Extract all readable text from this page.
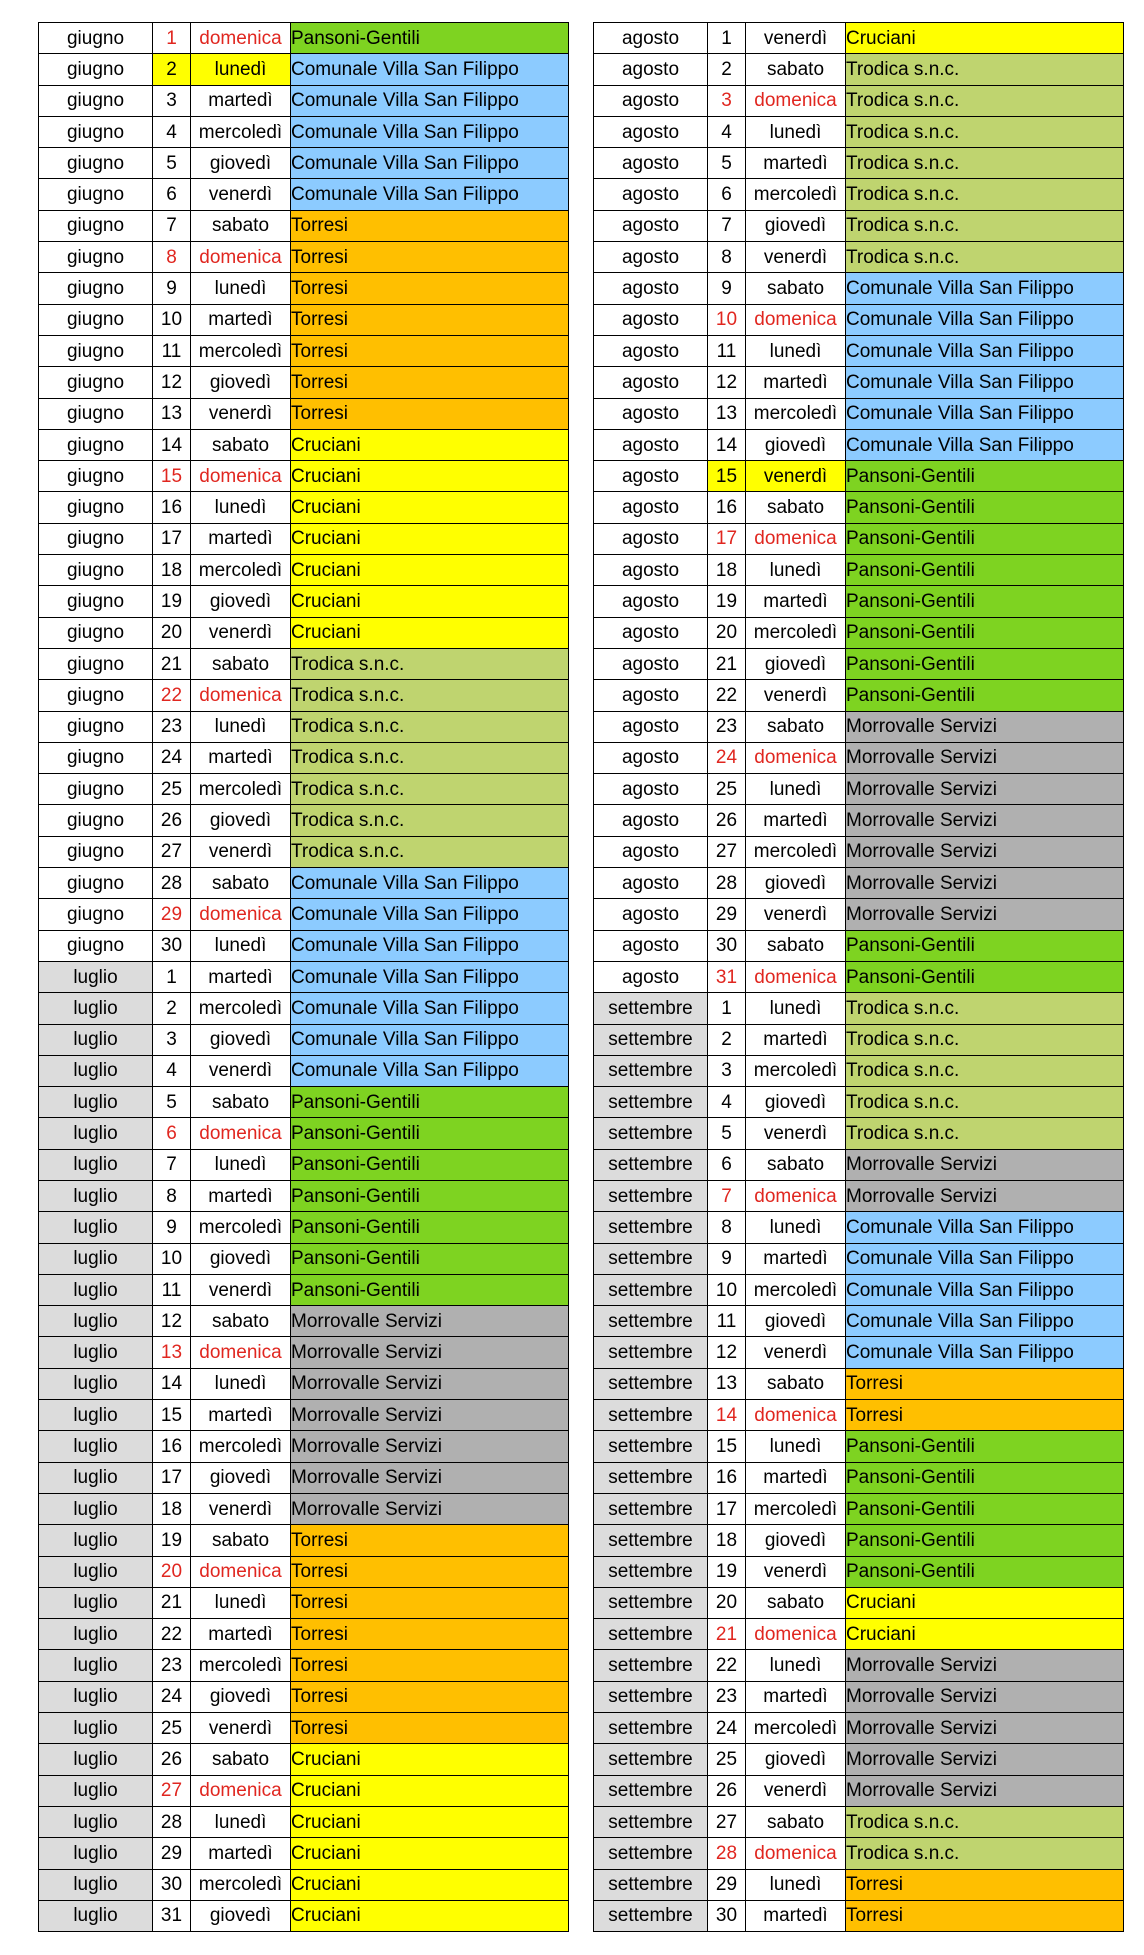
giugno	1	domenica	Pansoni-Gentili
giugno	2	lunedì	Comunale Villa San Filippo
giugno	3	martedì	Comunale Villa San Filippo
giugno	4	mercoledì	Comunale Villa San Filippo
giugno	5	giovedì	Comunale Villa San Filippo
giugno	6	venerdì	Comunale Villa San Filippo
giugno	7	sabato	Torresi
giugno	8	domenica	Torresi
giugno	9	lunedì	Torresi
giugno	10	martedì	Torresi
giugno	11	mercoledì	Torresi
giugno	12	giovedì	Torresi
giugno	13	venerdì	Torresi
giugno	14	sabato	Cruciani
giugno	15	domenica	Cruciani
giugno	16	lunedì	Cruciani
giugno	17	martedì	Cruciani
giugno	18	mercoledì	Cruciani
giugno	19	giovedì	Cruciani
giugno	20	venerdì	Cruciani
giugno	21	sabato	Trodica s.n.c.
giugno	22	domenica	Trodica s.n.c.
giugno	23	lunedì	Trodica s.n.c.
giugno	24	martedì	Trodica s.n.c.
giugno	25	mercoledì	Trodica s.n.c.
giugno	26	giovedì	Trodica s.n.c.
giugno	27	venerdì	Trodica s.n.c.
giugno	28	sabato	Comunale Villa San Filippo
giugno	29	domenica	Comunale Villa San Filippo
giugno	30	lunedì	Comunale Villa San Filippo
luglio	1	martedì	Comunale Villa San Filippo
luglio	2	mercoledì	Comunale Villa San Filippo
luglio	3	giovedì	Comunale Villa San Filippo
luglio	4	venerdì	Comunale Villa San Filippo
luglio	5	sabato	Pansoni-Gentili
luglio	6	domenica	Pansoni-Gentili
luglio	7	lunedì	Pansoni-Gentili
luglio	8	martedì	Pansoni-Gentili
luglio	9	mercoledì	Pansoni-Gentili
luglio	10	giovedì	Pansoni-Gentili
luglio	11	venerdì	Pansoni-Gentili
luglio	12	sabato	Morrovalle Servizi
luglio	13	domenica	Morrovalle Servizi
luglio	14	lunedì	Morrovalle Servizi
luglio	15	martedì	Morrovalle Servizi
luglio	16	mercoledì	Morrovalle Servizi
luglio	17	giovedì	Morrovalle Servizi
luglio	18	venerdì	Morrovalle Servizi
luglio	19	sabato	Torresi
luglio	20	domenica	Torresi
luglio	21	lunedì	Torresi
luglio	22	martedì	Torresi
luglio	23	mercoledì	Torresi
luglio	24	giovedì	Torresi
luglio	25	venerdì	Torresi
luglio	26	sabato	Cruciani
luglio	27	domenica	Cruciani
luglio	28	lunedì	Cruciani
luglio	29	martedì	Cruciani
luglio	30	mercoledì	Cruciani
luglio	31	giovedì	Cruciani
agosto	1	venerdì	Cruciani
agosto	2	sabato	Trodica s.n.c.
agosto	3	domenica	Trodica s.n.c.
agosto	4	lunedì	Trodica s.n.c.
agosto	5	martedì	Trodica s.n.c.
agosto	6	mercoledì	Trodica s.n.c.
agosto	7	giovedì	Trodica s.n.c.
agosto	8	venerdì	Trodica s.n.c.
agosto	9	sabato	Comunale Villa San Filippo
agosto	10	domenica	Comunale Villa San Filippo
agosto	11	lunedì	Comunale Villa San Filippo
agosto	12	martedì	Comunale Villa San Filippo
agosto	13	mercoledì	Comunale Villa San Filippo
agosto	14	giovedì	Comunale Villa San Filippo
agosto	15	venerdì	Pansoni-Gentili
agosto	16	sabato	Pansoni-Gentili
agosto	17	domenica	Pansoni-Gentili
agosto	18	lunedì	Pansoni-Gentili
agosto	19	martedì	Pansoni-Gentili
agosto	20	mercoledì	Pansoni-Gentili
agosto	21	giovedì	Pansoni-Gentili
agosto	22	venerdì	Pansoni-Gentili
agosto	23	sabato	Morrovalle Servizi
agosto	24	domenica	Morrovalle Servizi
agosto	25	lunedì	Morrovalle Servizi
agosto	26	martedì	Morrovalle Servizi
agosto	27	mercoledì	Morrovalle Servizi
agosto	28	giovedì	Morrovalle Servizi
agosto	29	venerdì	Morrovalle Servizi
agosto	30	sabato	Pansoni-Gentili
agosto	31	domenica	Pansoni-Gentili
settembre	1	lunedì	Trodica s.n.c.
settembre	2	martedì	Trodica s.n.c.
settembre	3	mercoledì	Trodica s.n.c.
settembre	4	giovedì	Trodica s.n.c.
settembre	5	venerdì	Trodica s.n.c.
settembre	6	sabato	Morrovalle Servizi
settembre	7	domenica	Morrovalle Servizi
settembre	8	lunedì	Comunale Villa San Filippo
settembre	9	martedì	Comunale Villa San Filippo
settembre	10	mercoledì	Comunale Villa San Filippo
settembre	11	giovedì	Comunale Villa San Filippo
settembre	12	venerdì	Comunale Villa San Filippo
settembre	13	sabato	Torresi
settembre	14	domenica	Torresi
settembre	15	lunedì	Pansoni-Gentili
settembre	16	martedì	Pansoni-Gentili
settembre	17	mercoledì	Pansoni-Gentili
settembre	18	giovedì	Pansoni-Gentili
settembre	19	venerdì	Pansoni-Gentili
settembre	20	sabato	Cruciani
settembre	21	domenica	Cruciani
settembre	22	lunedì	Morrovalle Servizi
settembre	23	martedì	Morrovalle Servizi
settembre	24	mercoledì	Morrovalle Servizi
settembre	25	giovedì	Morrovalle Servizi
settembre	26	venerdì	Morrovalle Servizi
settembre	27	sabato	Trodica s.n.c.
settembre	28	domenica	Trodica s.n.c.
settembre	29	lunedì	Torresi
settembre	30	martedì	Torresi
